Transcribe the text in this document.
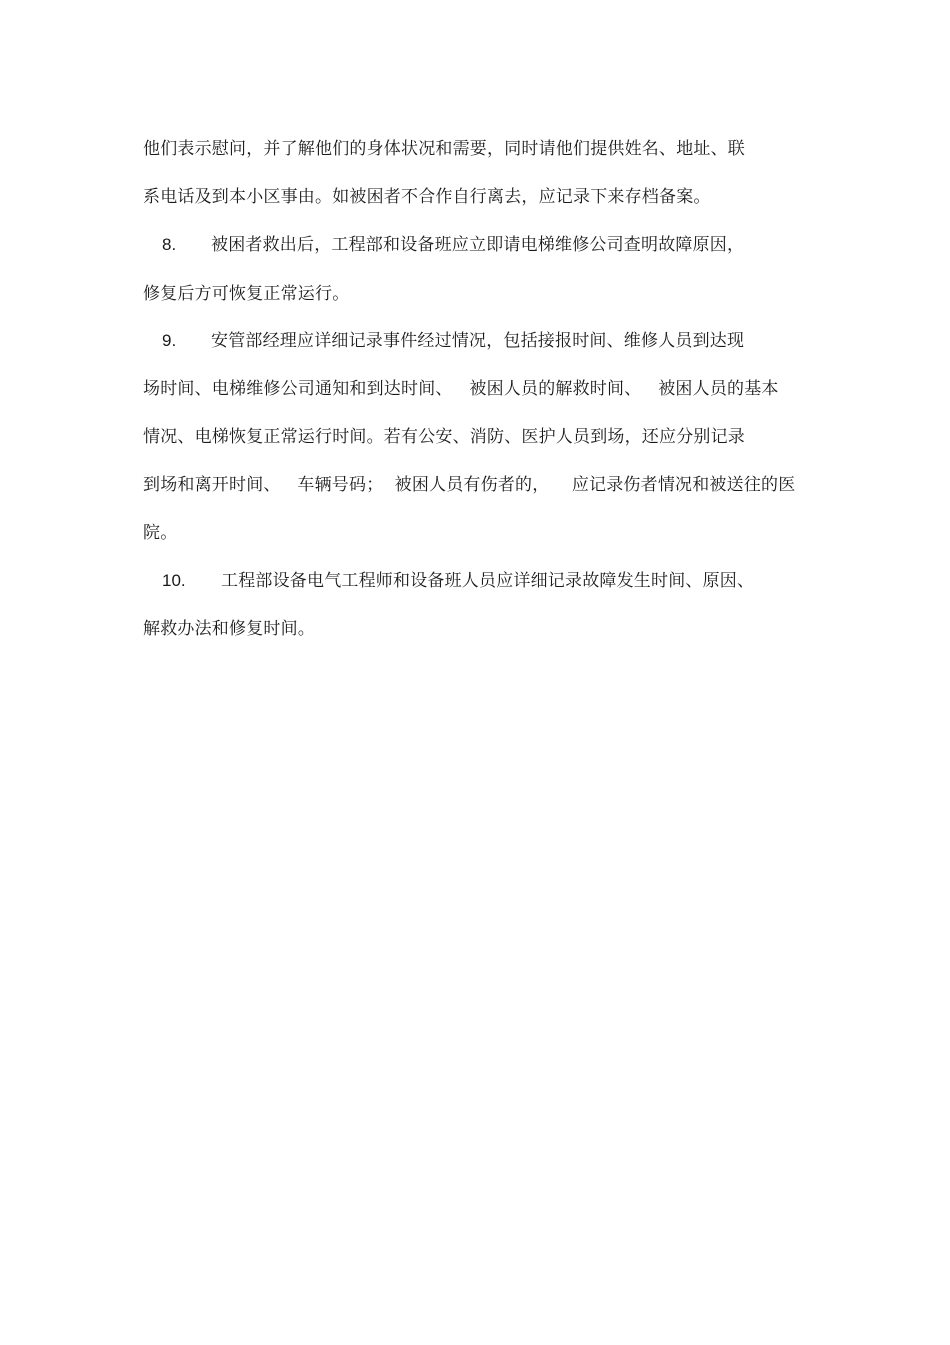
他们表示慰问，并了解他们的身体状况和需要，同时请他们提供姓名、地址、联
系电话及到本小区事由。如被困者不合作自行离去，应记录下来存档备案。
8. 被困者救出后，工程部和设备班应立即请电梯维修公司查明故障原因，
修复后方可恢复正常运行。
9. 安管部经理应详细记录事件经过情况，包括接报时间、维修人员到达现
场时间、电梯维修公司通知和到达时间、   被困人员的解救时间、   被困人员的基本
情况、电梯恢复正常运行时间。若有公安、消防、医护人员到场，还应分别记录
到场和离开时间、   车辆号码；  被困人员有伤者的，    应记录伤者情况和被送往的医
院。
10. 工程部设备电气工程师和设备班人员应详细记录故障发生时间、原因、
解救办法和修复时间。
